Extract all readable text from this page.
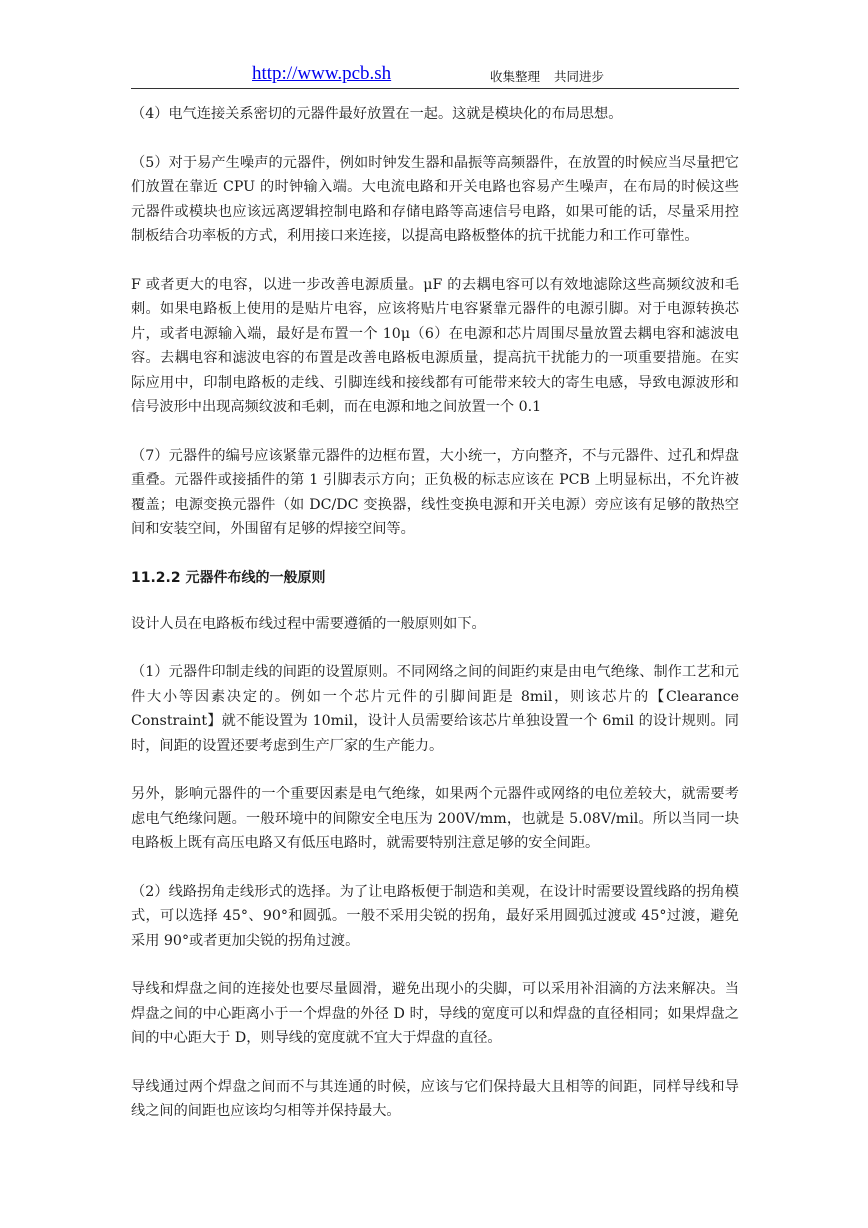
http://www.pcb.sh	收集整理 共同进步

（4）电气连接关系密切的元器件最好放置在一起。这就是模块化的布局思想。

（5）对于易产生噪声的元器件，例如时钟发生器和晶振等高频器件，在放置的时候应当尽量把它们放置在靠近 CPU 的时钟输入端。大电流电路和开关电路也容易产生噪声，在布局的时候这些元器件或模块也应该远离逻辑控制电路和存储电路等高速信号电路，如果可能的话，尽量采用控制板结合功率板的方式，利用接口来连接，以提高电路板整体的抗干扰能力和工作可靠性。

F 或者更大的电容，以进一步改善电源质量。μF 的去耦电容可以有效地滤除这些高频纹波和毛刺。如果电路板上使用的是贴片电容，应该将贴片电容紧靠元器件的电源引脚。对于电源转换芯片，或者电源输入端，最好是布置一个 10μ（6）在电源和芯片周围尽量放置去耦电容和滤波电容。去耦电容和滤波电容的布置是改善电路板电源质量，提高抗干扰能力的一项重要措施。在实际应用中，印制电路板的走线、引脚连线和接线都有可能带来较大的寄生电感，导致电源波形和信号波形中出现高频纹波和毛刺，而在电源和地之间放置一个 0.1

（7）元器件的编号应该紧靠元器件的边框布置，大小统一，方向整齐，不与元器件、过孔和焊盘重叠。元器件或接插件的第 1 引脚表示方向；正负极的标志应该在 PCB 上明显标出，不允许被覆盖；电源变换元器件（如 DC/DC 变换器，线性变换电源和开关电源）旁应该有足够的散热空间和安装空间，外围留有足够的焊接空间等。

11.2.2 元器件布线的一般原则

设计人员在电路板布线过程中需要遵循的一般原则如下。

（1）元器件印制走线的间距的设置原则。不同网络之间的间距约束是由电气绝缘、制作工艺和元件大小等因素决定的。例如一个芯片元件的引脚间距是 8mil，则该芯片的【Clearance Constraint】就不能设置为 10mil，设计人员需要给该芯片单独设置一个 6mil 的设计规则。同时，间距的设置还要考虑到生产厂家的生产能力。

另外，影响元器件的一个重要因素是电气绝缘，如果两个元器件或网络的电位差较大，就需要考虑电气绝缘问题。一般环境中的间隙安全电压为 200V/mm，也就是 5.08V/mil。所以当同一块电路板上既有高压电路又有低压电路时，就需要特别注意足够的安全间距。

（2）线路拐角走线形式的选择。为了让电路板便于制造和美观，在设计时需要设置线路的拐角模式，可以选择 45°、90°和圆弧。一般不采用尖锐的拐角，最好采用圆弧过渡或 45°过渡，避免采用 90°或者更加尖锐的拐角过渡。

导线和焊盘之间的连接处也要尽量圆滑，避免出现小的尖脚，可以采用补泪滴的方法来解决。当焊盘之间的中心距离小于一个焊盘的外径 D 时，导线的宽度可以和焊盘的直径相同；如果焊盘之间的中心距大于 D，则导线的宽度就不宜大于焊盘的直径。

导线通过两个焊盘之间而不与其连通的时候，应该与它们保持最大且相等的间距，同样导线和导线之间的间距也应该均匀相等并保持最大。
